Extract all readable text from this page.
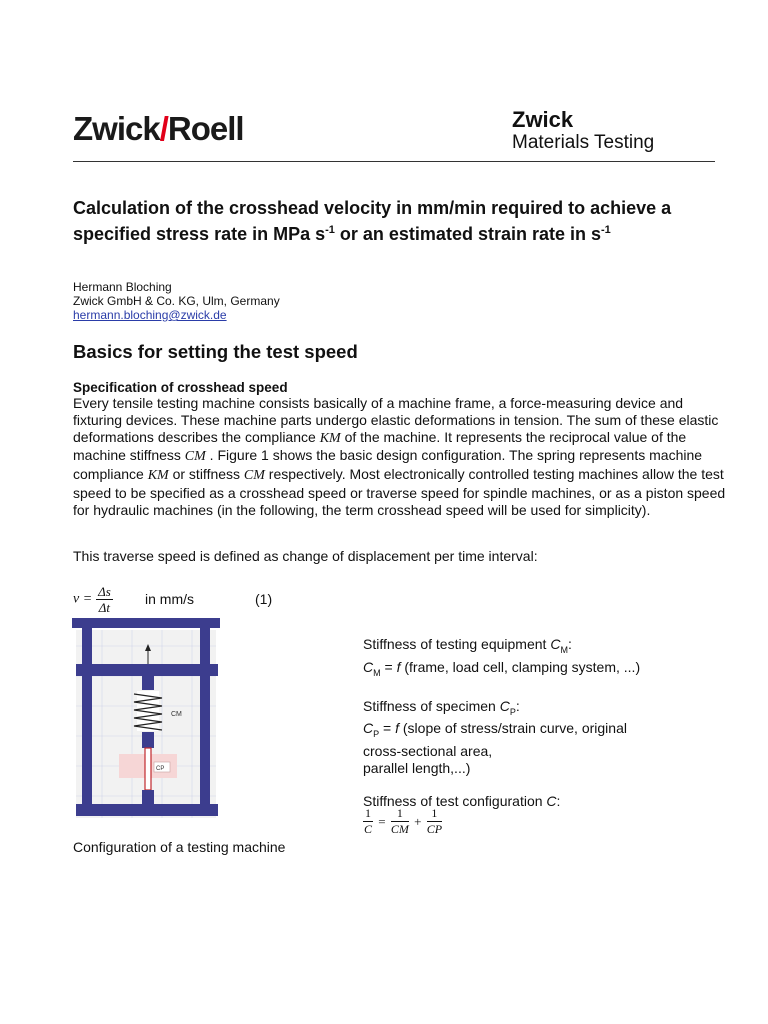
Zwick/Roell	Zwick
Materials Testing
Calculation of the crosshead velocity in mm/min required to achieve a specified stress rate in MPa $s^{-1}$ or an estimated strain rate in $s^{-1}$
Hermann Bloching
Zwick GmbH & Co. KG, Ulm, Germany
hermann.bloching@zwick.de
Basics for setting the test speed
Specification of crosshead speed
Every tensile testing machine consists basically of a machine frame, a force-measuring device and fixturing devices. These machine parts undergo elastic deformations in tension. The sum of these elastic deformations describes the compliance KM of the machine. It represents the reciprocal value of the machine stiffness CM . Figure 1 shows the basic design configuration. The spring represents machine compliance KM or stiffness CM respectively. Most electronically controlled testing machines allow the test speed to be specified as a crosshead speed or traverse speed for spindle machines, or as a piston speed for hydraulic machines (in the following, the term crosshead speed will be used for simplicity).
This traverse speed is defined as change of displacement per time interval:
$v = \frac{\Delta s}{\Delta t}$ in mm/s	(1)
CM
CP
Configuration of a testing machine

Stiffness of testing equipment $C_M$:
$C_M = f$ (frame, load cell, clamping system, ...)

Stiffness of specimen $C_P$:
$C_P = f$ (slope of stress/strain curve, original
cross-sectional area,
parallel length,...)

Stiffness of test configuration C:

$\frac{1}{C} = \frac{1}{CM} + \frac{1}{CP}$
